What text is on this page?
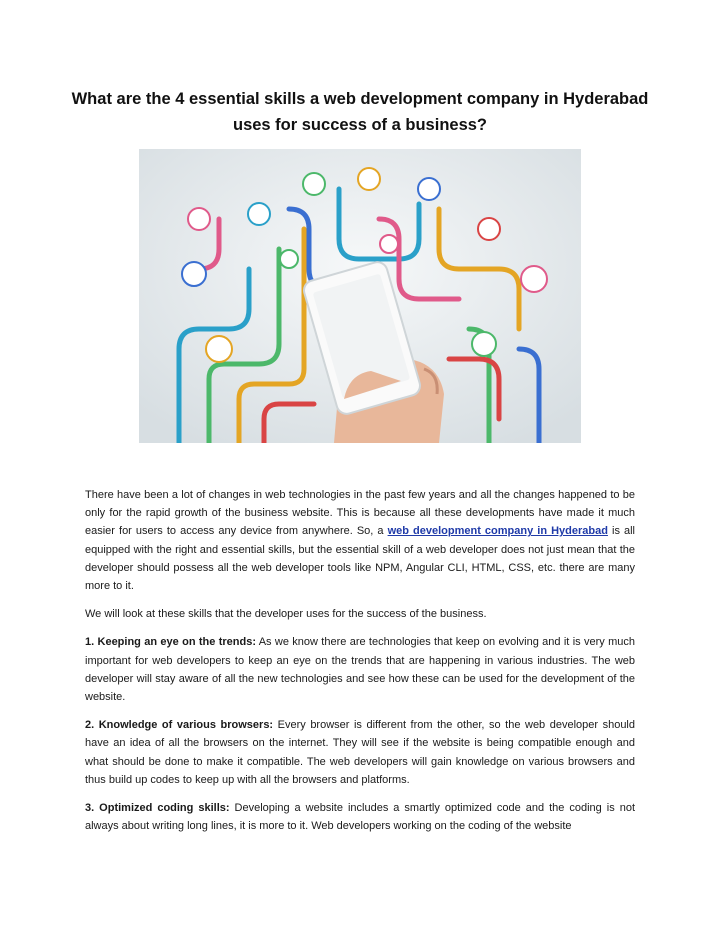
What are the 4 essential skills a web development company in Hyderabad uses for success of a business?

There have been a lot of changes in web technologies in the past few years and all the changes happened to be only for the rapid growth of the business website. This is because all these developments have made it much easier for users to access any device from anywhere. So, a web development company in Hyderabad is all equipped with the right and essential skills, but the essential skill of a web developer does not just mean that the developer should possess all the web developer tools like NPM, Angular CLI, HTML, CSS, etc. there are many more to it.

We will look at these skills that the developer uses for the success of the business.

1. Keeping an eye on the trends: As we know there are technologies that keep on evolving and it is very much important for web developers to keep an eye on the trends that are happening in various industries. The web developer will stay aware of all the new technologies and see how these can be used for the development of the website.

2. Knowledge of various browsers: Every browser is different from the other, so the web developer should have an idea of all the browsers on the internet. They will see if the website is being compatible enough and what should be done to make it compatible. The web developers will gain knowledge on various browsers and thus build up codes to keep up with all the browsers and platforms.

3. Optimized coding skills: Developing a website includes a smartly optimized code and the coding is not always about writing long lines, it is more to it. Web developers working on the coding of the website
